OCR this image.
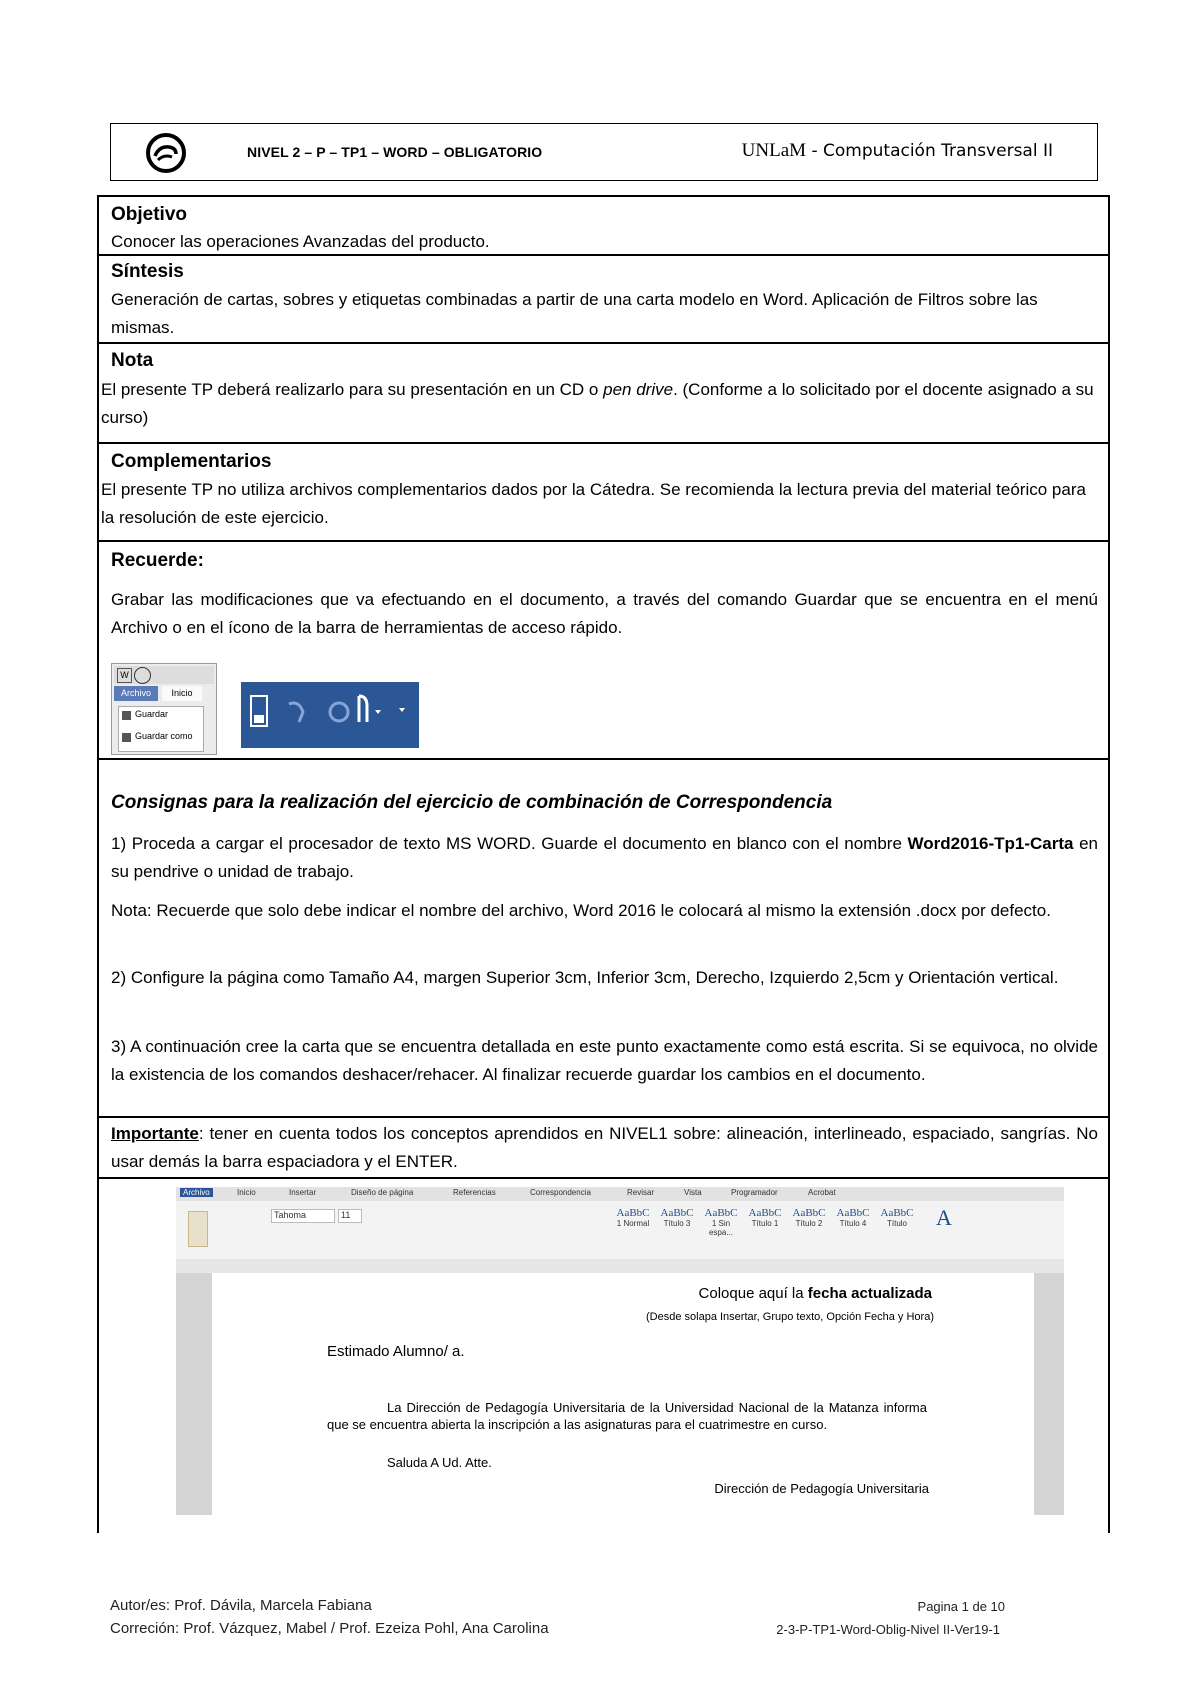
NIVEL 2 – P – TP1 – WORD – OBLIGATORIO	UNLaM - Computación Transversal II
Objetivo
Conocer las operaciones Avanzadas del producto.
Síntesis
Generación de cartas, sobres y etiquetas combinadas a partir de una carta modelo en Word. Aplicación de Filtros sobre las mismas.
Nota
El presente TP deberá realizarlo para su presentación en un CD o pen drive. (Conforme a lo solicitado por el docente asignado a su curso)
Complementarios
El presente TP no utiliza archivos complementarios dados por la Cátedra. Se recomienda la lectura previa del material teórico para la resolución de este ejercicio.
Recuerde:
Grabar las modificaciones que va efectuando en el documento, a través del comando Guardar que se encuentra en el menú Archivo o en el ícono de la barra de herramientas de acceso rápido.
W
Archivo	Inicio
Guardar
Guardar como
Consignas para la realización del ejercicio de combinación de Correspondencia
1) Proceda a cargar el procesador de texto MS WORD. Guarde el documento en blanco con el nombre Word2016-Tp1-Carta en su pendrive o unidad de trabajo.
Nota: Recuerde que solo debe indicar el nombre del archivo, Word 2016 le colocará al mismo la extensión .docx por defecto.
2) Configure la página como Tamaño A4, margen Superior 3cm, Inferior 3cm, Derecho, Izquierdo 2,5cm y Orientación vertical.
3) A continuación cree la carta que se encuentra detallada en este punto exactamente como está escrita. Si se equivoca, no olvide la existencia de los comandos deshacer/rehacer. Al finalizar recuerde guardar los cambios en el documento.
Importante: tener en cuenta todos los conceptos aprendidos en NIVEL1 sobre: alineación, interlineado, espaciado, sangrías. No usar demás la barra espaciadora y el ENTER.
Archivo	Inicio	Insertar	Diseño de página	Referencias	Correspondencia	Revisar	Vista	Programador	Acrobat
Tahoma	11	AaBbC
1 Normal
AaBbC
Título 3
AaBbC
1 Sin espa...
AaBbC
Título 1
AaBbC
Título 2
AaBbC
Título 4
AaBbC
Título	A
Coloque aquí la fecha actualizada
(Desde solapa Insertar, Grupo texto, Opción Fecha y Hora)
Estimado Alumno/ a.
La Dirección de Pedagogía Universitaria de la Universidad Nacional de la Matanza informa que se encuentra abierta la inscripción a las asignaturas para el cuatrimestre en curso.
Saluda A Ud. Atte.
Dirección de Pedagogía Universitaria
Autor/es: Prof. Dávila, Marcela Fabiana
Correción: Prof. Vázquez, Mabel / Prof. Ezeiza Pohl, Ana Carolina
Pagina 1 de 10
2-3-P-TP1-Word-Oblig-Nivel II-Ver19-1
